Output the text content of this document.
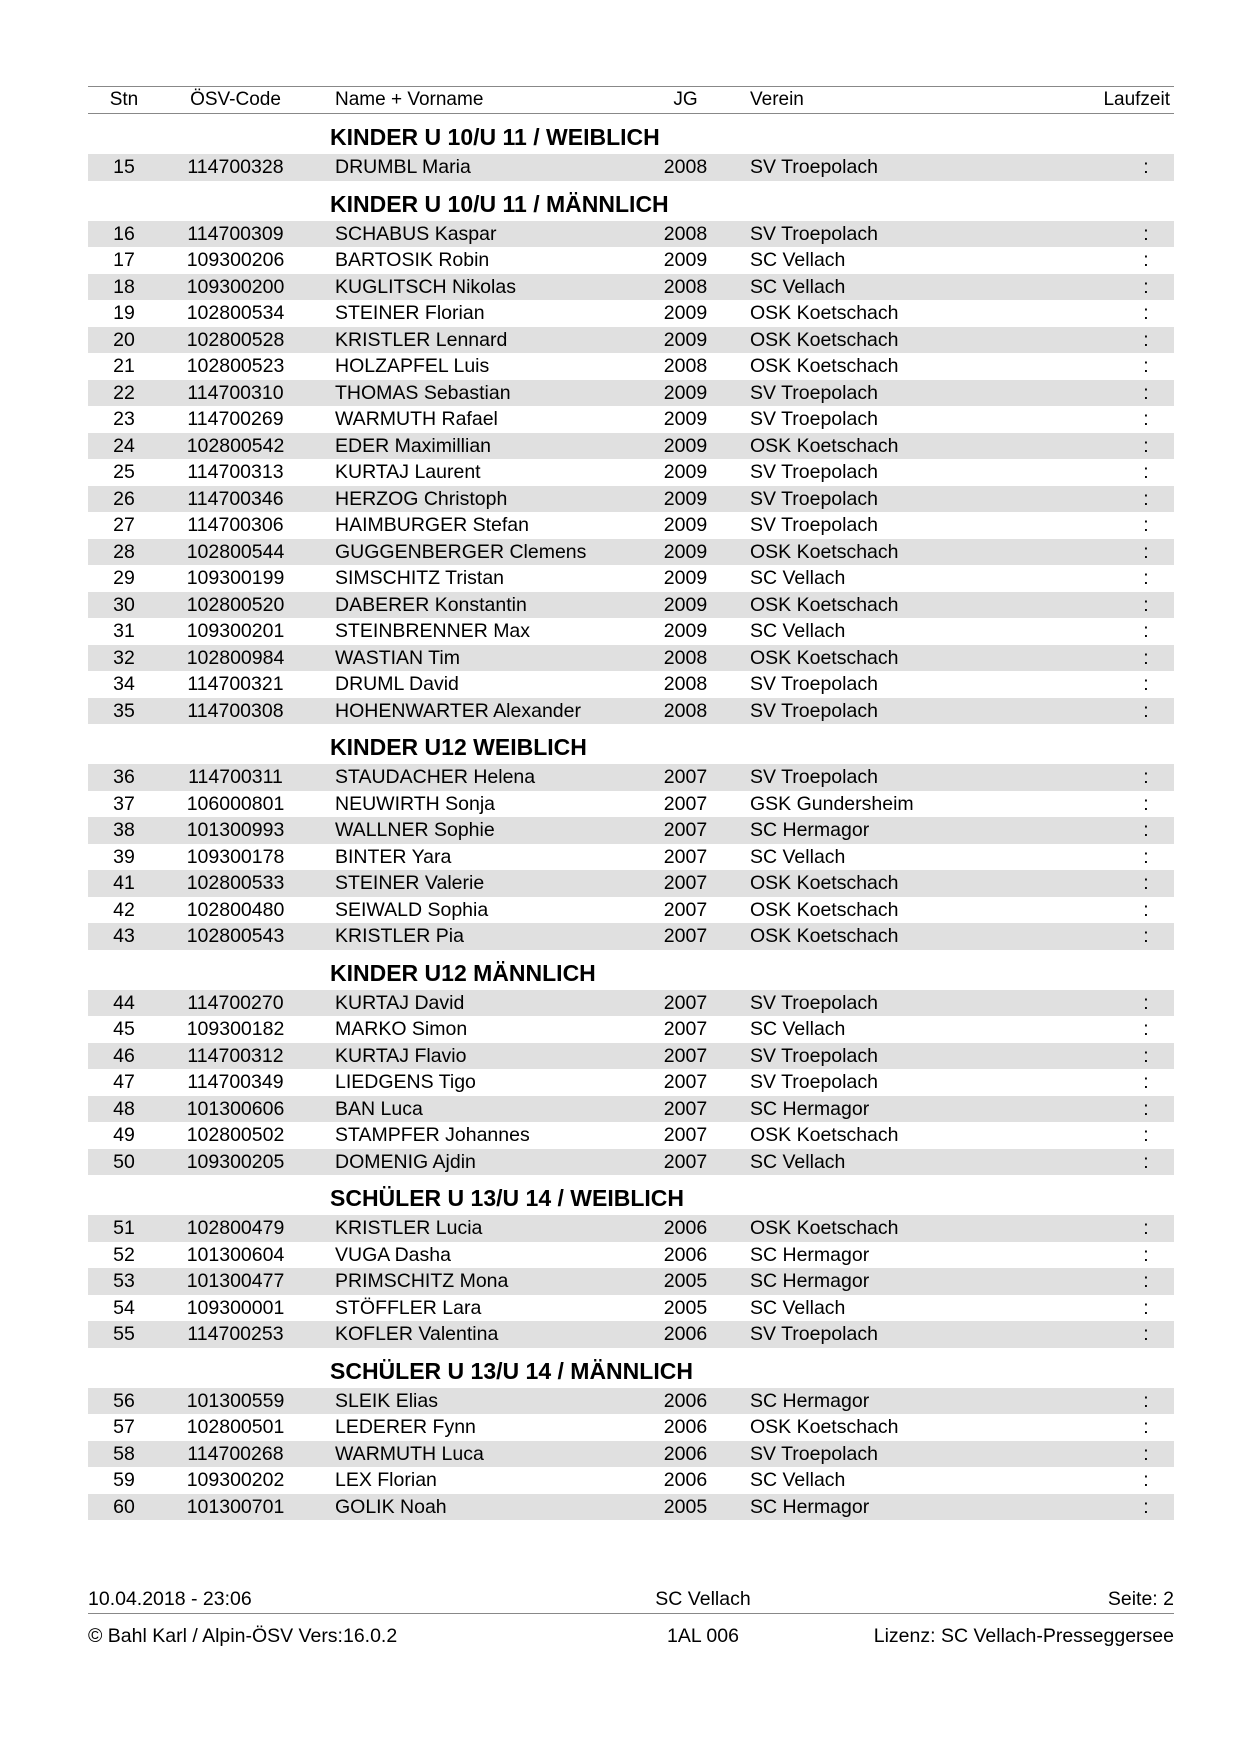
Stn	ÖSV-Code	Name + Vorname	JG	Verein	Laufzeit
KINDER U 10/U 11 / WEIBLICH
15	114700328	DRUMBL Maria	2008 SV Troepolach	:
KINDER U 10/U 11 / MÄNNLICH
16	114700309	SCHABUS Kaspar	2008 SV Troepolach	:
17	109300206	BARTOSIK Robin	2009 SC Vellach	:
18	109300200	KUGLITSCH Nikolas	2008 SC Vellach	:
19	102800534	STEINER Florian	2009 OSK Koetschach	:
20	102800528	KRISTLER Lennard	2009 OSK Koetschach	:
21	102800523	HOLZAPFEL Luis	2008 OSK Koetschach	:
22	114700310	THOMAS Sebastian	2009 SV Troepolach	:
23	114700269	WARMUTH Rafael	2009 SV Troepolach	:
24	102800542	EDER Maximillian	2009 OSK Koetschach	:
25	114700313	KURTAJ Laurent	2009 SV Troepolach	:
26	114700346	HERZOG Christoph	2009 SV Troepolach	:
27	114700306	HAIMBURGER Stefan	2009 SV Troepolach	:
28	102800544	GUGGENBERGER Clemens	2009 OSK Koetschach	:
29	109300199	SIMSCHITZ Tristan	2009 SC Vellach	:
30	102800520	DABERER Konstantin	2009 OSK Koetschach	:
31	109300201	STEINBRENNER Max	2009 SC Vellach	:
32	102800984	WASTIAN Tim	2008 OSK Koetschach	:
34	114700321	DRUML David	2008 SV Troepolach	:
35	114700308	HOHENWARTER Alexander	2008 SV Troepolach	:
KINDER U12 WEIBLICH
36	114700311	STAUDACHER Helena	2007 SV Troepolach	:
37	106000801	NEUWIRTH Sonja	2007 GSK Gundersheim	:
38	101300993	WALLNER Sophie	2007 SC Hermagor	:
39	109300178	BINTER Yara	2007 SC Vellach	:
41	102800533	STEINER Valerie	2007 OSK Koetschach	:
42	102800480	SEIWALD Sophia	2007 OSK Koetschach	:
43	102800543	KRISTLER Pia	2007 OSK Koetschach	:
KINDER U12 MÄNNLICH
44	114700270	KURTAJ David	2007 SV Troepolach	:
45	109300182	MARKO Simon	2007 SC Vellach	:
46	114700312	KURTAJ Flavio	2007 SV Troepolach	:
47	114700349	LIEDGENS Tigo	2007 SV Troepolach	:
48	101300606	BAN Luca	2007 SC Hermagor	:
49	102800502	STAMPFER Johannes	2007 OSK Koetschach	:
50	109300205	DOMENIG Ajdin	2007 SC Vellach	:
SCHÜLER U 13/U 14 / WEIBLICH
51	102800479	KRISTLER Lucia	2006 OSK Koetschach	:
52	101300604	VUGA Dasha	2006 SC Hermagor	:
53	101300477	PRIMSCHITZ Mona	2005 SC Hermagor	:
54	109300001	STÖFFLER Lara	2005 SC Vellach	:
55	114700253	KOFLER Valentina	2006 SV Troepolach	:
SCHÜLER U 13/U 14 / MÄNNLICH
56	101300559	SLEIK Elias	2006 SC Hermagor	:
57	102800501	LEDERER Fynn	2006 OSK Koetschach	:
58	114700268	WARMUTH Luca	2006 SV Troepolach	:
59	109300202	LEX Florian	2006 SC Vellach	:
60	101300701	GOLIK Noah	2005 SC Hermagor	:
10.04.2018 - 23:06	SC Vellach	Seite: 2
© Bahl Karl / Alpin-ÖSV Vers:16.0.2	1AL 006	Lizenz: SC Vellach-Presseggersee
